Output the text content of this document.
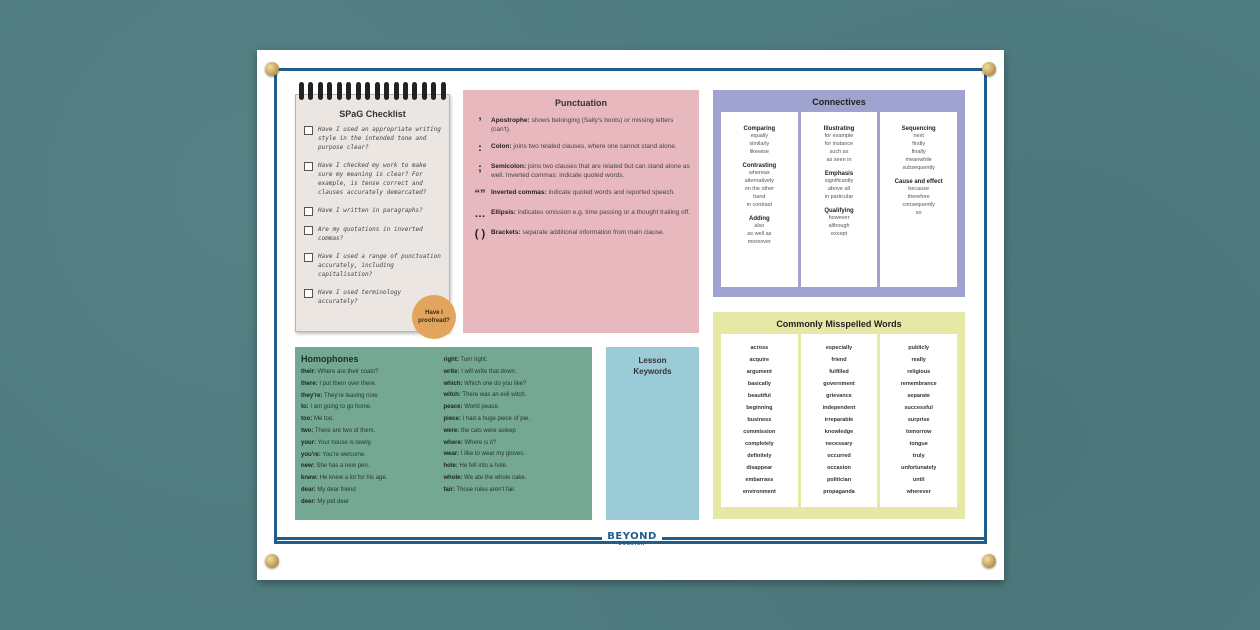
SPaG Checklist
Have I used an appropriate writing style in the intended tone and purpose clear?
Have I checked my work to make sure my meaning is clear? For example, is tense correct and clauses accurately demarcated?
Have I written in paragraphs?
Are my quotations in inverted commas?
Have I used a range of punctuation accurately, including capitalisation?
Have I used terminology accurately?
Have I proofread?
Punctuation
’	Apostrophe: shows belonging (Sally's boots) or missing letters (can't).
:	Colon: joins two related clauses, where one cannot stand alone.
;	Semicolon: joins two clauses that are related but can stand alone as well. Inverted commas: indicate quoted words.
“” Inverted commas: indicate quoted words and reported speech.
… Ellipsis: indicates omission e.g. time passing or a thought trailing off.
( ) Brackets: separate additional information from main clause.
Connectives
Comparing
equally
similarly
likewise
Contrasting
whereas
alternatively
on the other
hand
in contrast
Adding
also
as well as
moreover
Illustrating
for example
for instance
such as
as seen in
Emphasis
significantly
above all
in particular
Qualifying
however
although
except
Sequencing
next
firstly
finally
meanwhile
subsequently
Cause and effect
because
therefore
consequently
so
Commonly Misspelled Words
across
acquire
argument
basically
beautiful
beginning
business
commission
completely
definitely
disappear
embarrass
environment
especially
friend
fulfilled
government
grievance
independent
irreparable
knowledge
necessary
occurred
occasion
politician
propaganda
publicly
really
religious
remembrance
separate
successful
surprise
tomorrow
tongue
truly
unfortunately
until
wherever
Homophones
their: Where are their coats?
there: I put them over there.
they're: They're leaving now.
to: I am going to go home.
too: Me too.
two: There are two of them.
your: Your house is lovely.
you're: You're welcome.
new: She has a new pen.
knew: He knew a lot for his age.
dear: My dear friend
deer: My pet deer
right: Turn right.
write: I will write that down.
which: Which one do you like?
witch: There was an evil witch.
peace: World peace.
piece: I had a huge piece of pie.
were: the cats were asleep
where: Where is it?
wear: I like to wear my gloves.
hole: He fell into a hole.
whole: We ate the whole cake.
fair: Those rules aren't fair.
Lesson
Keywords
BEYOND
ENGLISH
